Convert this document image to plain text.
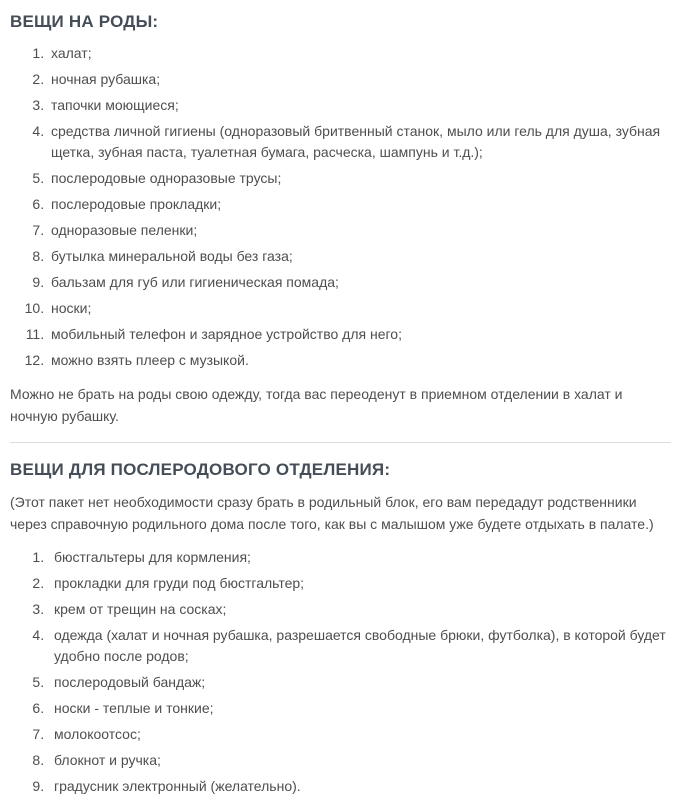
ВЕЩИ НА РОДЫ:
1. халат;
2. ночная рубашка;
3. тапочки моющиеся;
4. средства личной гигиены (одноразовый бритвенный станок, мыло или гель для душа, зубная щетка, зубная паста, туалетная бумага, расческа, шампунь и т.д.);
5. послеродовые одноразовые трусы;
6. послеродовые прокладки;
7. одноразовые пеленки;
8. бутылка минеральной воды без газа;
9. бальзам для губ или гигиеническая помада;
10. носки;
11. мобильный телефон и зарядное устройство для него;
12. можно взять плеер с музыкой.

Можно не брать на роды свою одежду, тогда вас переоденут в приемном отделении в халат и ночную рубашку.

ВЕЩИ ДЛЯ ПОСЛЕРОДОВОГО ОТДЕЛЕНИЯ:

(Этот пакет нет необходимости сразу брать в родильный блок, его вам передадут родственники через справочную родильного дома после того, как вы с малышом уже будете отдыхать в палате.)

1. бюстгальтеры для кормления;
2. прокладки для груди под бюстгальтер;
3. крем от трещин на сосках;
4. одежда (халат и ночная рубашка, разрешается свободные брюки, футболка), в которой будет удобно после родов;
5. послеродовый бандаж;
6. носки - теплые и тонкие;
7. молокоотсос;
8. блокнот и ручка;
9. градусник электронный (желательно).
